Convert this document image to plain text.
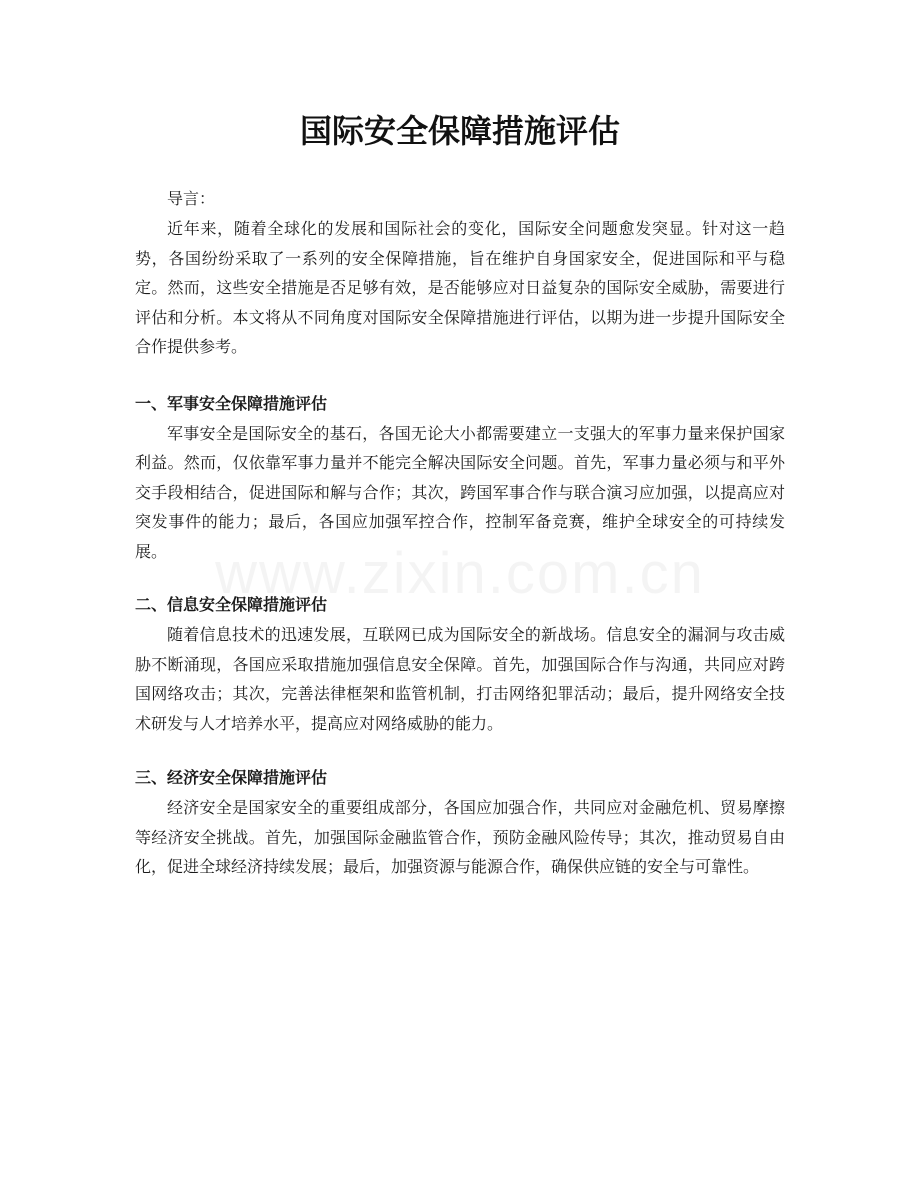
国际安全保障措施评估
导言：

近年来，随着全球化的发展和国际社会的变化，国际安全问题愈发突显。针对这一趋势，各国纷纷采取了一系列的安全保障措施，旨在维护自身国家安全，促进国际和平与稳定。然而，这些安全措施是否足够有效，是否能够应对日益复杂的国际安全威胁，需要进行评估和分析。本文将从不同角度对国际安全保障措施进行评估，以期为进一步提升国际安全合作提供参考。

一、军事安全保障措施评估

军事安全是国际安全的基石，各国无论大小都需要建立一支强大的军事力量来保护国家利益。然而，仅依靠军事力量并不能完全解决国际安全问题。首先，军事力量必须与和平外交手段相结合，促进国际和解与合作；其次，跨国军事合作与联合演习应加强，以提高应对突发事件的能力；最后，各国应加强军控合作，控制军备竞赛，维护全球安全的可持续发展。

二、信息安全保障措施评估

随着信息技术的迅速发展，互联网已成为国际安全的新战场。信息安全的漏洞与攻击威胁不断涌现，各国应采取措施加强信息安全保障。首先，加强国际合作与沟通，共同应对跨国网络攻击；其次，完善法律框架和监管机制，打击网络犯罪活动；最后，提升网络安全技术研发与人才培养水平，提高应对网络威胁的能力。

三、经济安全保障措施评估

经济安全是国家安全的重要组成部分，各国应加强合作，共同应对金融危机、贸易摩擦等经济安全挑战。首先，加强国际金融监管合作，预防金融风险传导；其次，推动贸易自由化，促进全球经济持续发展；最后，加强资源与能源合作，确保供应链的安全与可靠性。
